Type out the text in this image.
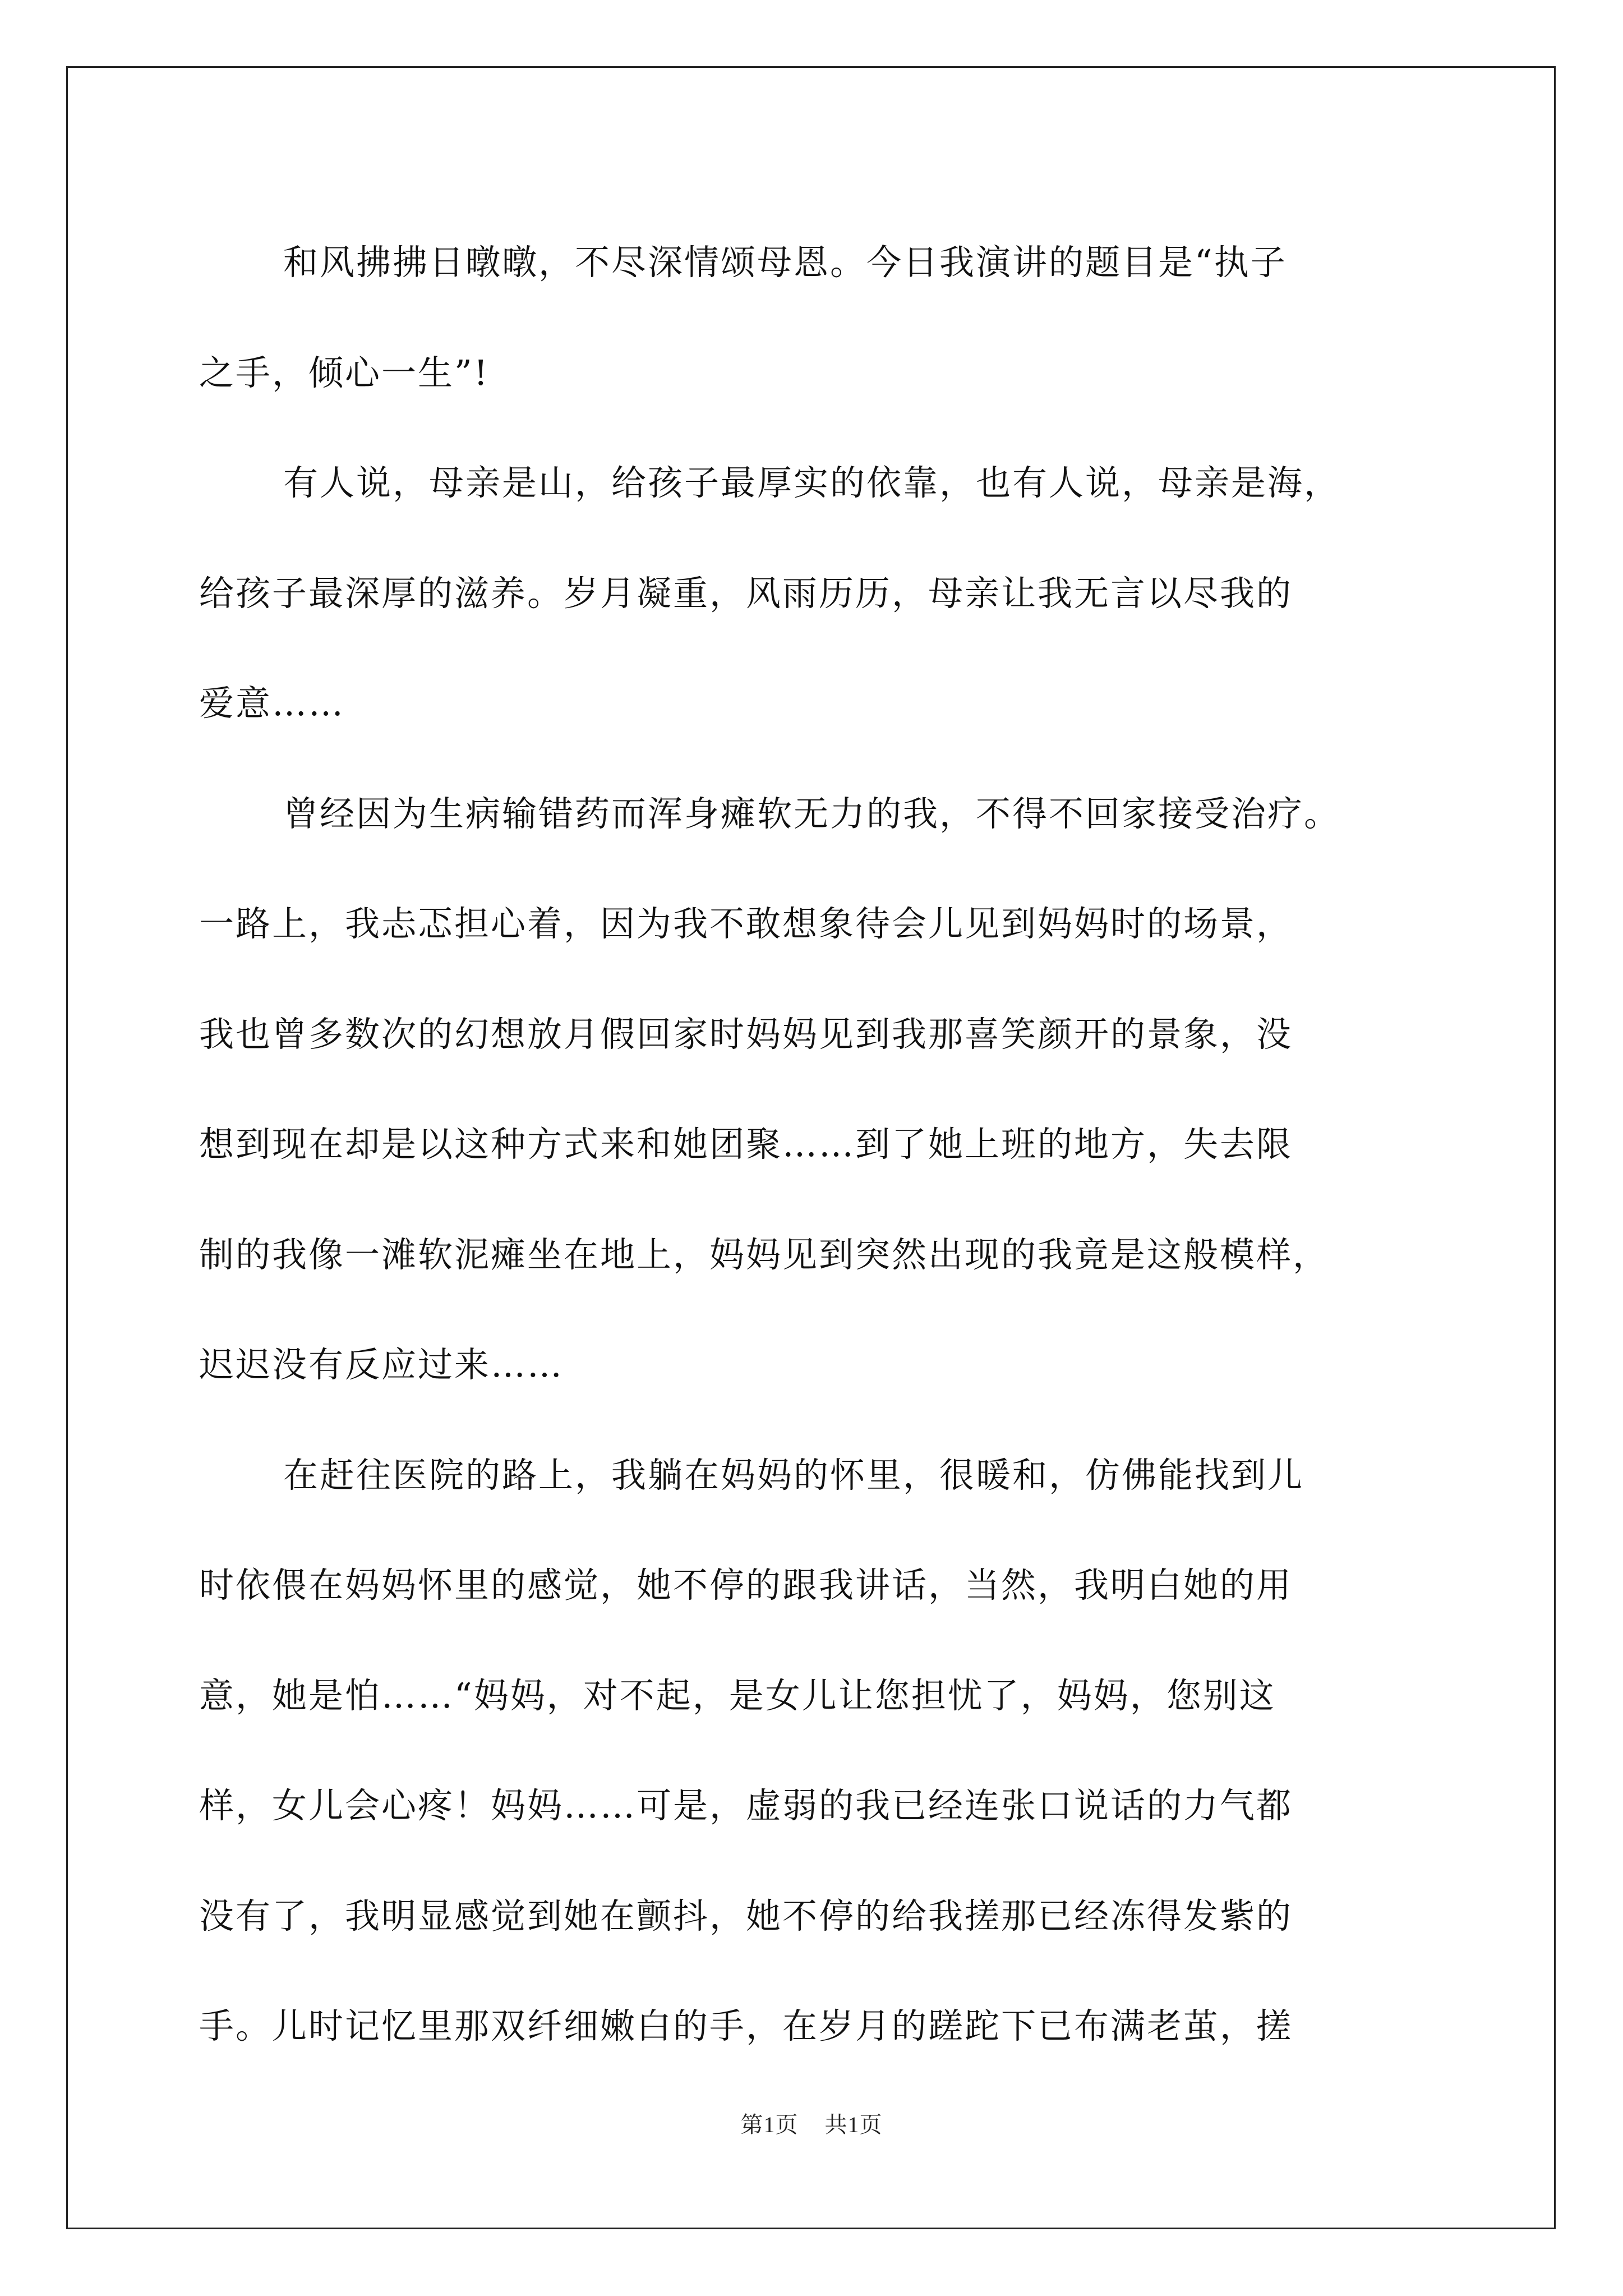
和风拂拂日暾暾，不尽深情颂母恩。今日我演讲的题目是“执子
之手，倾心一生”!

有人说，母亲是山，给孩子最厚实的依靠，也有人说，母亲是海，
给孩子最深厚的滋养。岁月凝重，风雨历历，母亲让我无言以尽我的
爱意……

曾经因为生病输错药而浑身瘫软无力的我，不得不回家接受治疗。
一路上，我忐忑担心着，因为我不敢想象待会儿见到妈妈时的场景，
我也曾多数次的幻想放月假回家时妈妈见到我那喜笑颜开的景象，没
想到现在却是以这种方式来和她团聚……到了她上班的地方，失去限
制的我像一滩软泥瘫坐在地上，妈妈见到突然出现的我竟是这般模样，
迟迟没有反应过来……

在赶往医院的路上，我躺在妈妈的怀里，很暖和，仿佛能找到儿
时依偎在妈妈怀里的感觉，她不停的跟我讲话，当然，我明白她的用
意，她是怕……“妈妈，对不起，是女儿让您担忧了，妈妈，您别这
样，女儿会心疼！妈妈……可是，虚弱的我已经连张口说话的力气都
没有了，我明显感觉到她在颤抖，她不停的给我搓那已经冻得发紫的
手。儿时记忆里那双纤细嫩白的手，在岁月的蹉跎下已布满老茧，搓

第1页 共1页
